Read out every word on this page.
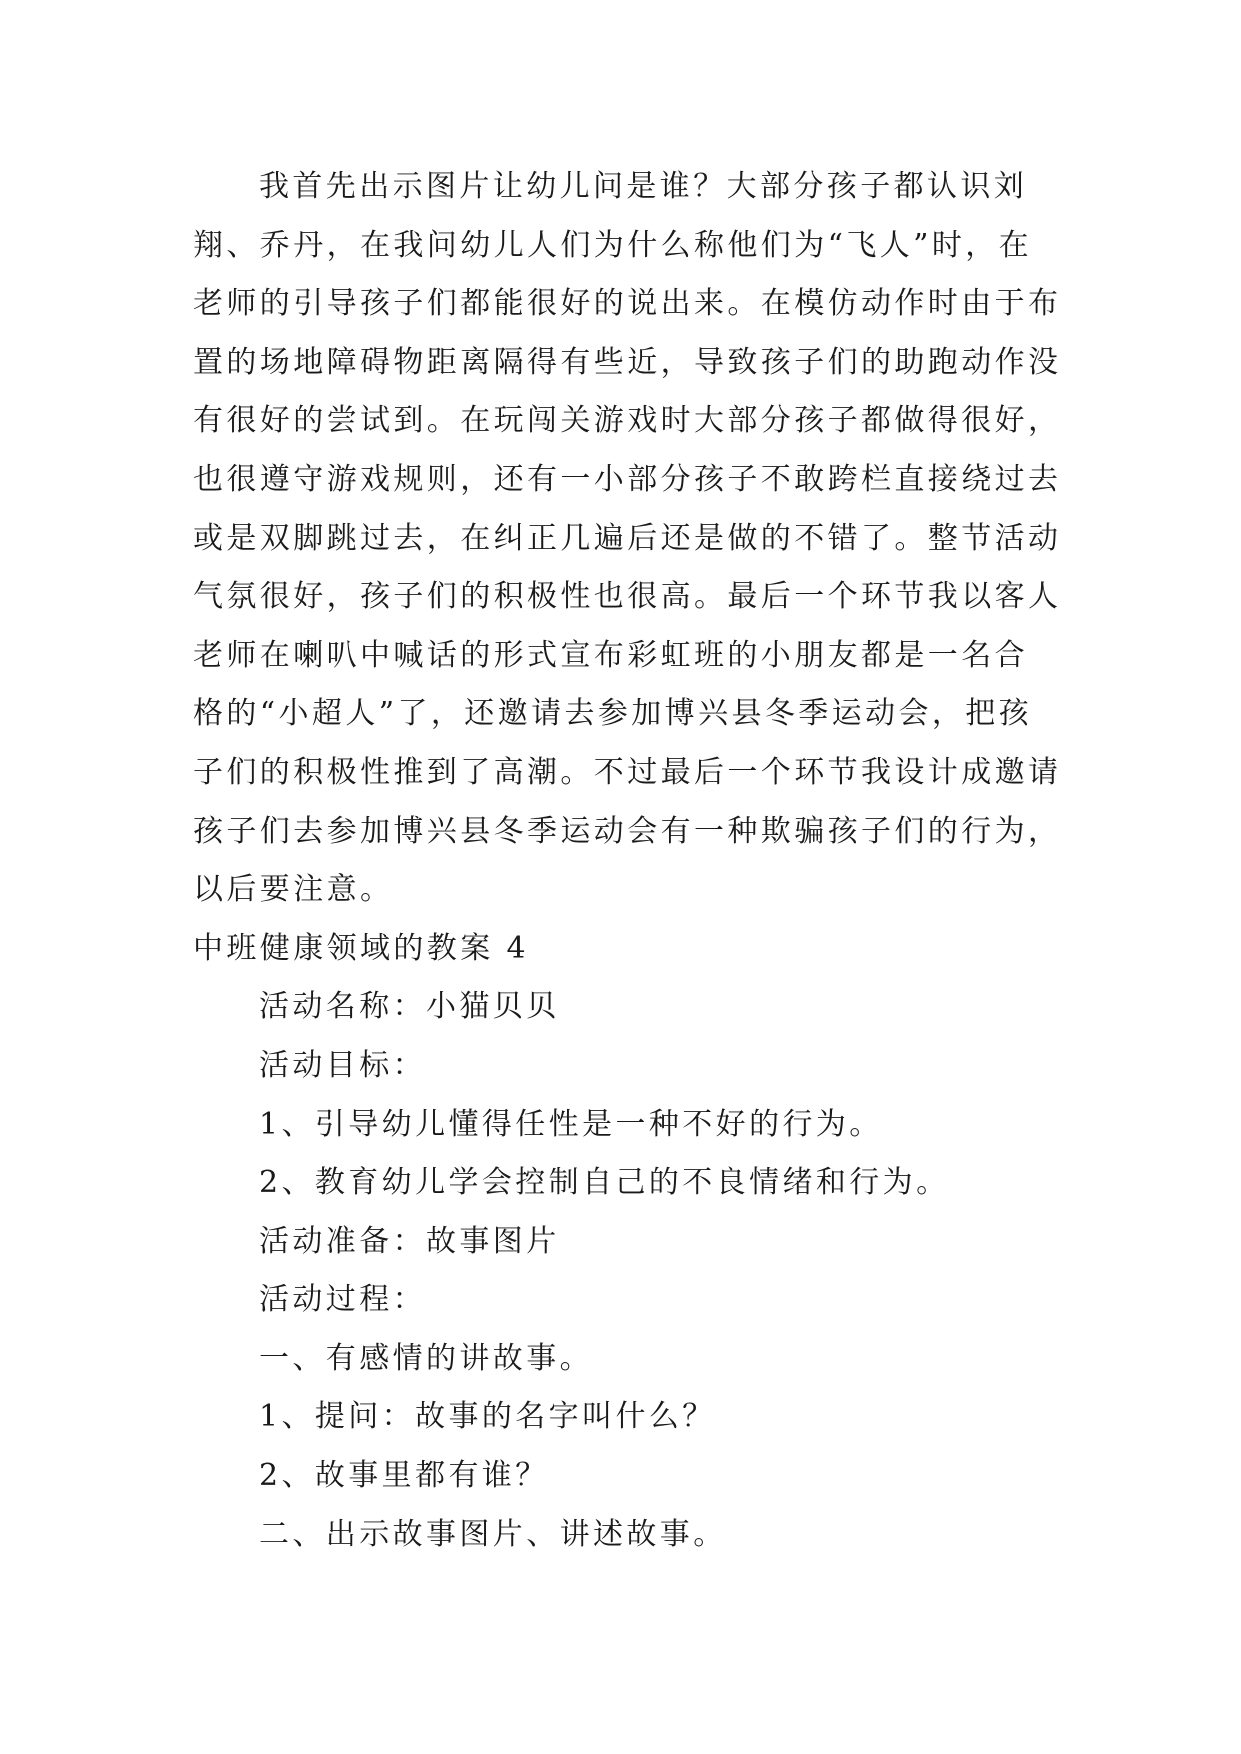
我首先出示图片让幼儿问是谁？大部分孩子都认识刘

翔、乔丹，在我问幼儿人们为什么称他们为“飞人”时，在

老师的引导孩子们都能很好的说出来。在模仿动作时由于布

置的场地障碍物距离隔得有些近，导致孩子们的助跑动作没

有很好的尝试到。在玩闯关游戏时大部分孩子都做得很好，

也很遵守游戏规则，还有一小部分孩子不敢跨栏直接绕过去

或是双脚跳过去，在纠正几遍后还是做的不错了。整节活动

气氛很好，孩子们的积极性也很高。最后一个环节我以客人

老师在喇叭中喊话的形式宣布彩虹班的小朋友都是一名合

格的“小超人”了，还邀请去参加博兴县冬季运动会，把孩

子们的积极性推到了高潮。不过最后一个环节我设计成邀请

孩子们去参加博兴县冬季运动会有一种欺骗孩子们的行为，

以后要注意。

中班健康领域的教案 4

活动名称：小猫贝贝

活动目标：

1、引导幼儿懂得任性是一种不好的行为。

2、教育幼儿学会控制自己的不良情绪和行为。

活动准备：故事图片

活动过程：

一、有感情的讲故事。

1、提问：故事的名字叫什么？

2、故事里都有谁？

二、出示故事图片、讲述故事。
